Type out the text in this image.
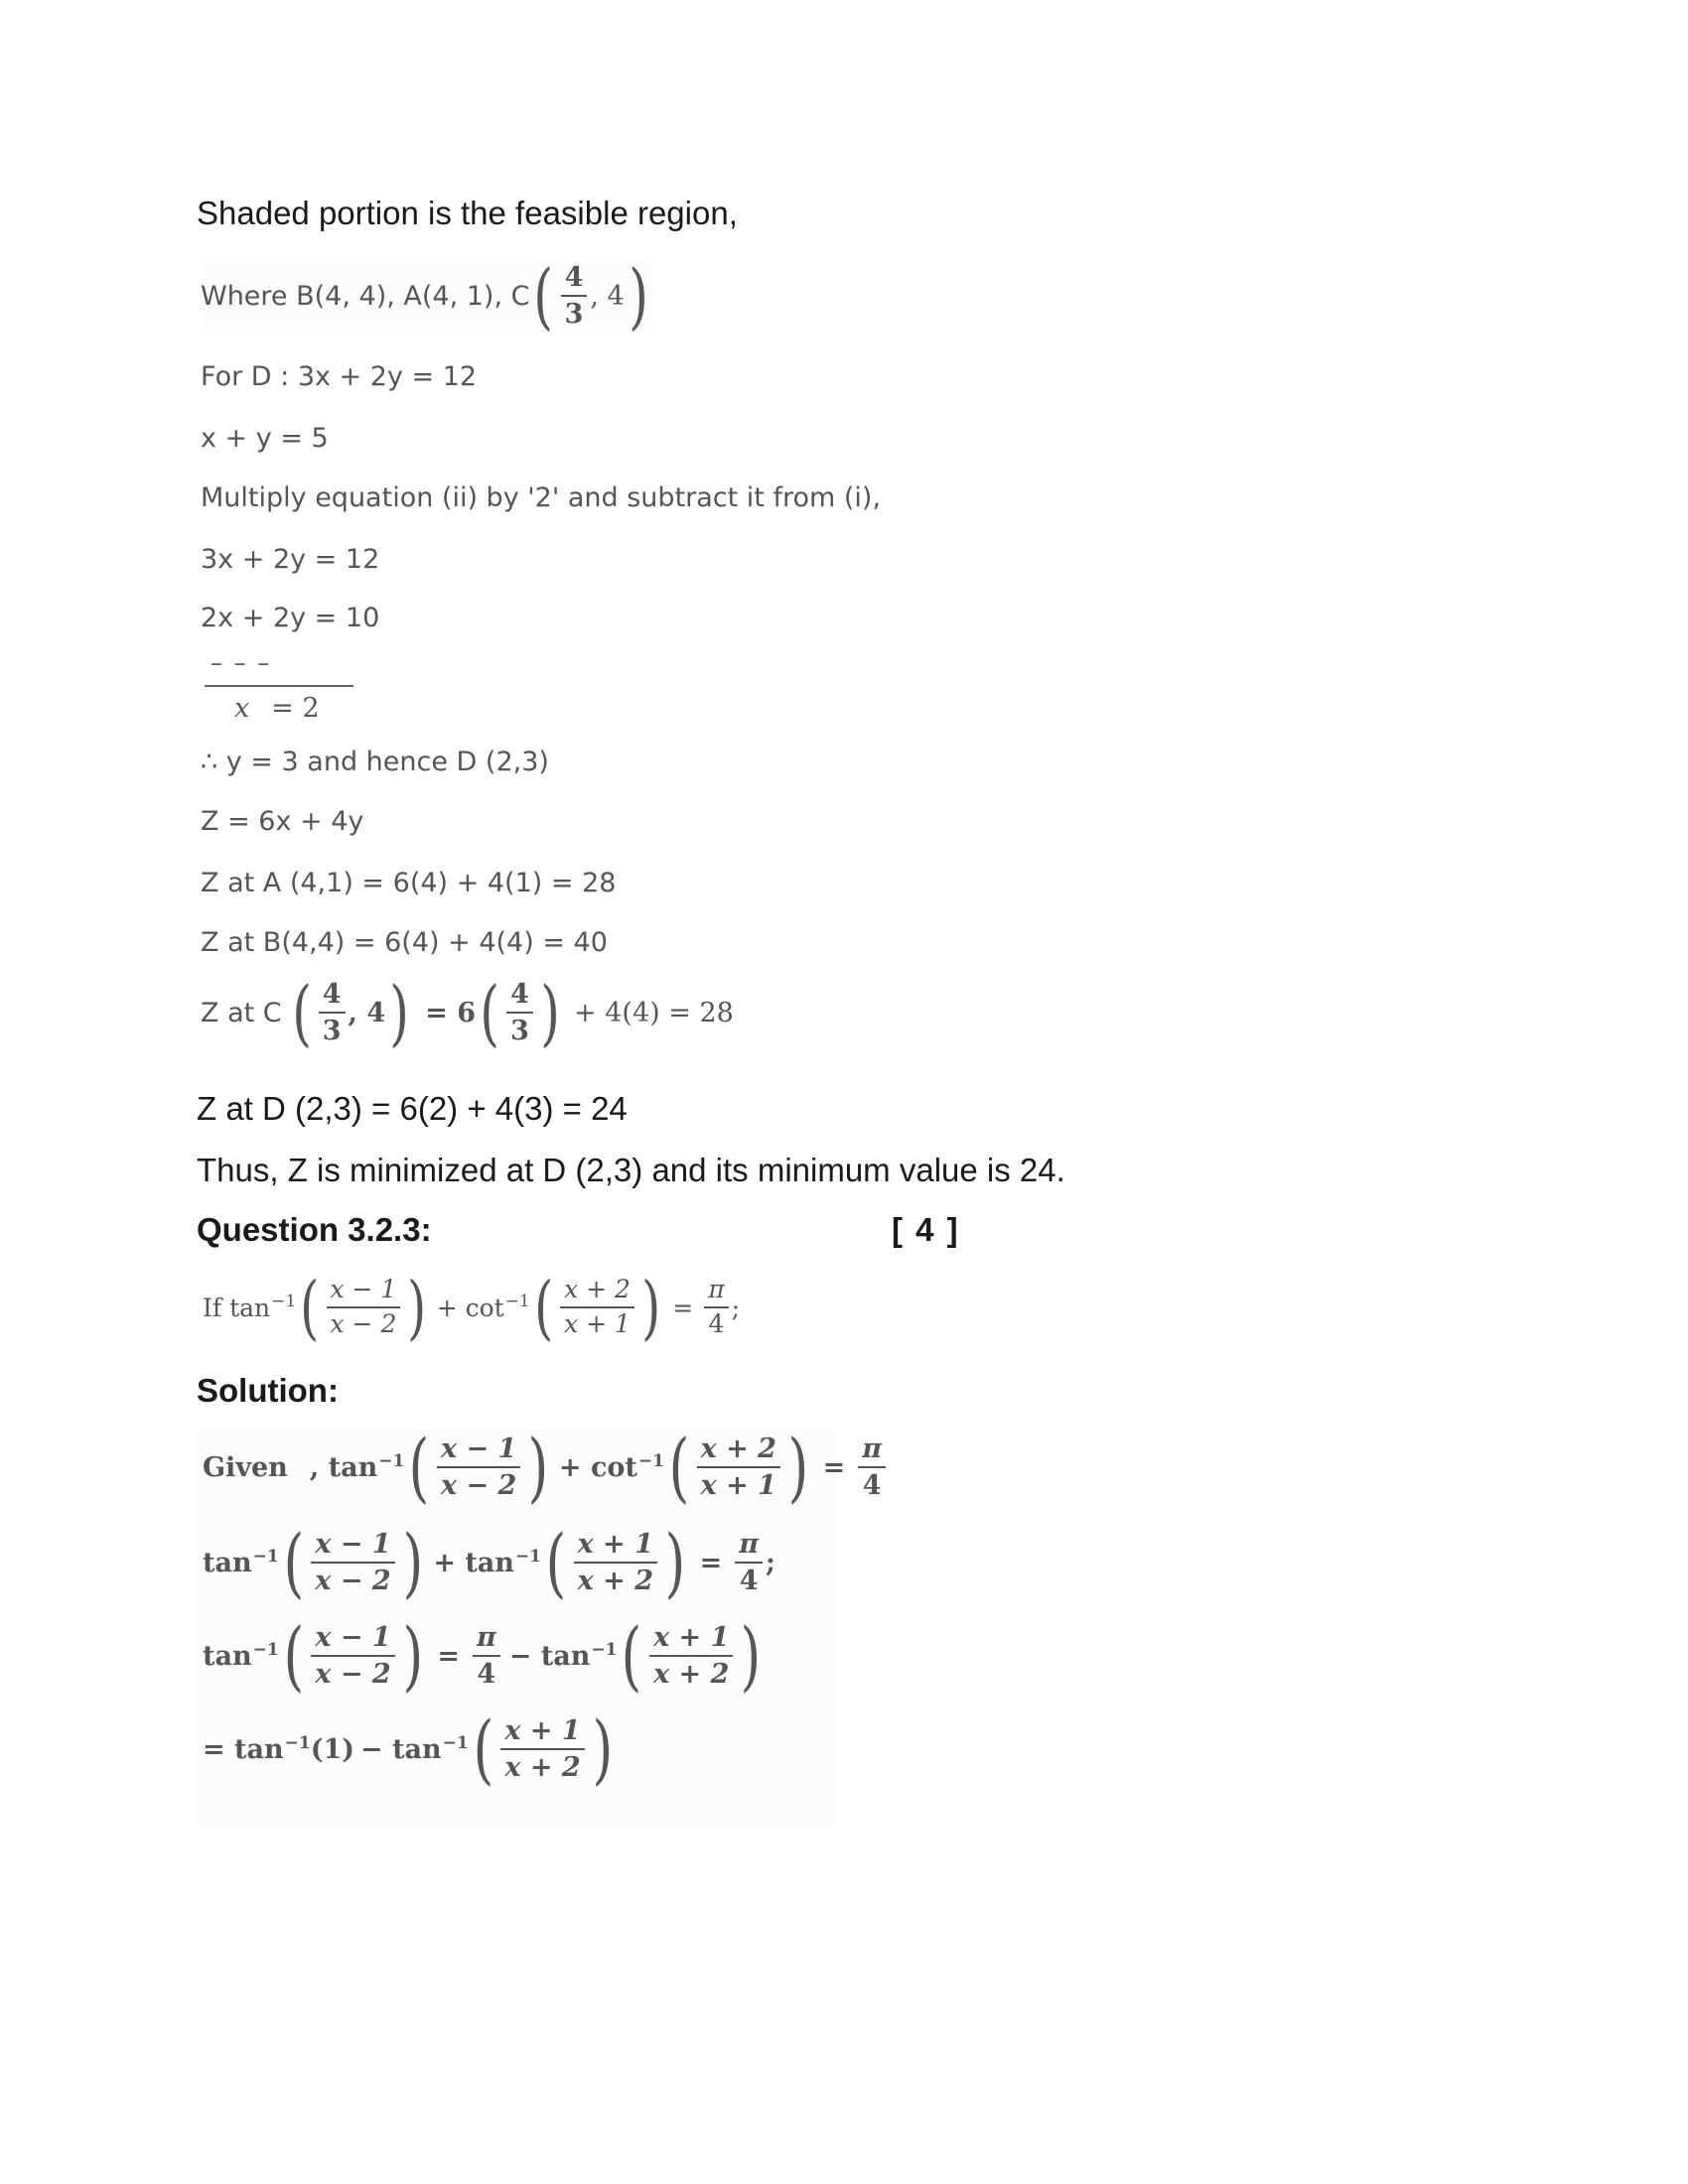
Shaded portion is the feasible region,
Where B(4, 4), A(4, 1), C ( $\frac{4}{3}$ , 4 )
For D : 3x + 2y = 12
x + y = 5
Multiply equation (ii) by '2' and subtract it from (i),
3x + 2y = 12
2x + 2y = 10
– – –
x = 2
∴ y = 3 and hence D (2,3)
Z = 6x + 4y
Z at A (4,1) = 6(4) + 4(1) = 28
Z at B(4,4) = 6(4) + 4(4) = 40
Z at C ( $\frac{4}{3}$ , 4 ) = 6 ( $\frac{4}{3}$ ) + 4(4) = 28
Z at D (2,3) = 6(2) + 4(3) = 24
Thus, Z is minimized at D (2,3) and its minimum value is 24.
Question 3.2.3:	[ 4 ]
If tan −1 ( $\frac{x - 1}{x - 2}$ ) + cot −1 ( $\frac{x + 2}{x + 1}$ ) = $\frac{\pi}{4}$ ;
Solution:
Given , tan −1 ( $\frac{x - 1}{x - 2}$ ) + cot −1 ( $\frac{x + 2}{x + 1}$ ) = $\frac{\pi}{4}$
tan −1 ( $\frac{x - 1}{x - 2}$ ) + tan −1 ( $\frac{x + 1}{x + 2}$ ) = $\frac{\pi}{4}$ ;
tan −1 ( $\frac{x - 1}{x - 2}$ ) = $\frac{\pi}{4} - \tan -1$ ( $\frac{x + 1}{x + 2}$ )
= tan −1 (1) − tan −1 ( $\frac{x + 1}{x + 2}$ )
